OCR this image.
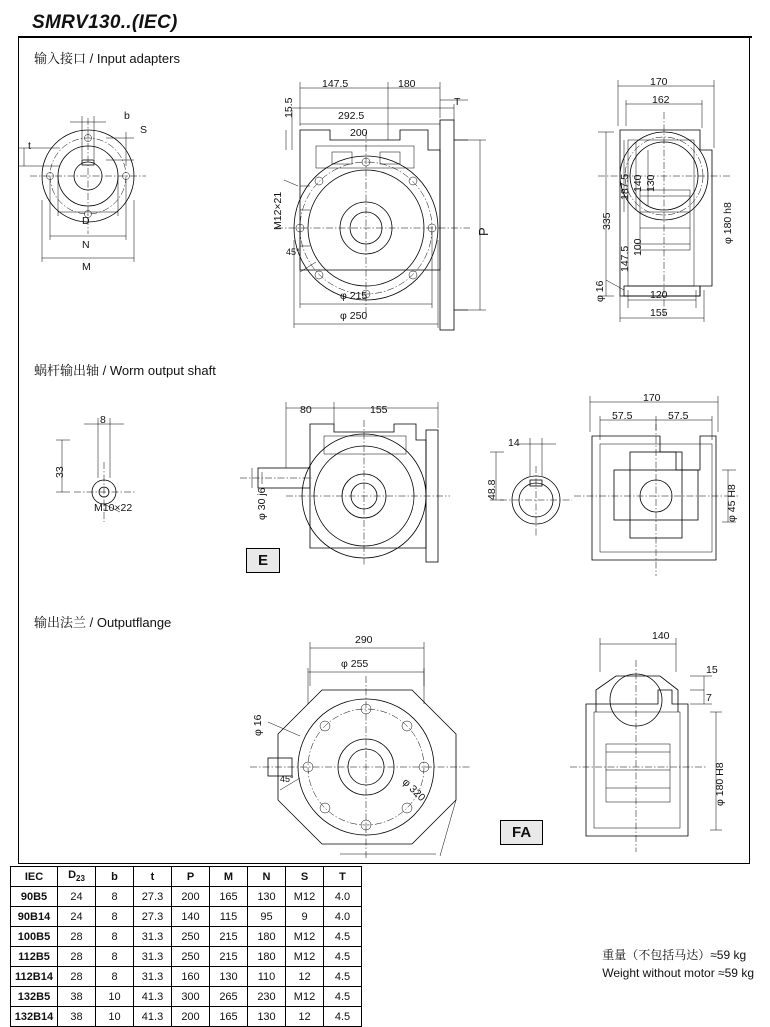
SMRV130..(IEC)
输入接口 / Input adapters
b
S
t
D
N
M
147.5	180
292.5
200
15.5	T
P
M12×21
φ 215
φ 250
45°
170
162
187.5 140 130
335
147.5 100
φ 180 h8
φ 16	120
155
蜗杆输出轴 / Worm output shaft
8
33
M10×22
80	155
φ 30 j6
14
48.8
170
57.5	57.5
φ 45 H8
E
输出法兰 / Outputflange
290
φ 255
φ 16
φ 320
45°
140
15
7
φ 180 H8
FA
IEC	$D_{23}$	b	t	P	M	N	S	T
90B5	24	8	27.3	200	165	130	M12	4.0
90B14	24	8	27.3	140	115	95	9	4.0
100B5	28	8	31.3	250	215	180	M12	4.5
112B5	28	8	31.3	250	215	180	M12	4.5
112B14	28	8	31.3	160	130	110	12	4.5
132B5	38	10	41.3	300	265	230	M12	4.5
132B14	38	10	41.3	200	165	130	12	4.5
重量（不包括马达）≈59 kg
Weight without motor ≈59 kg
